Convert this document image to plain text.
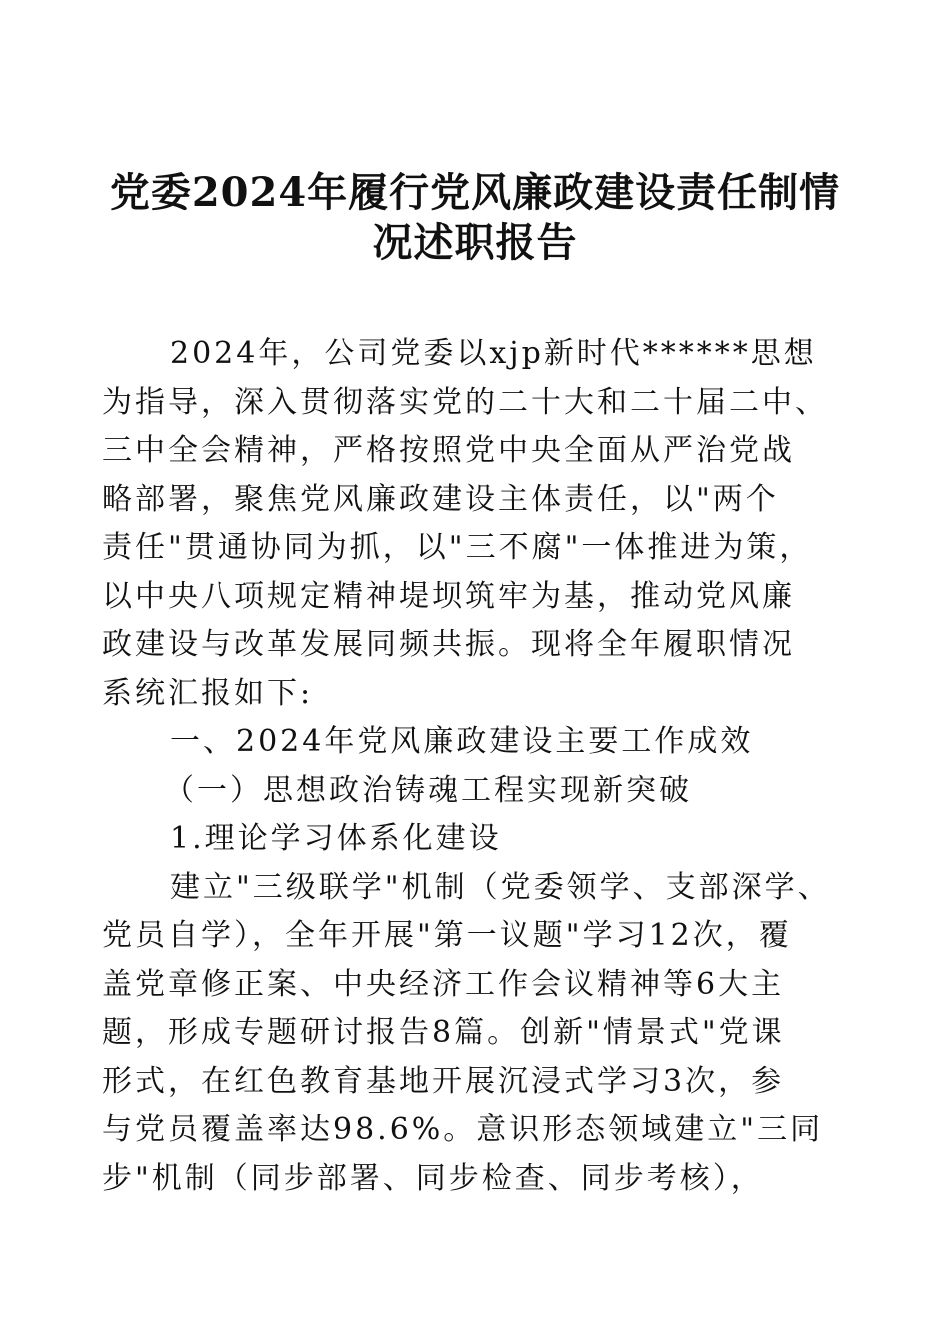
党委2024年履行党风廉政建设责任制情
况述职报告
2024年，公司党委以xjp新时代******思想
为指导，深入贯彻落实党的二十大和二十届二中、
三中全会精神，严格按照党中央全面从严治党战
略部署，聚焦党风廉政建设主体责任，以"两个
责任"贯通协同为抓，以"三不腐"一体推进为策，
以中央八项规定精神堤坝筑牢为基，推动党风廉
政建设与改革发展同频共振。现将全年履职情况
系统汇报如下:
一、2024年党风廉政建设主要工作成效
（一）思想政治铸魂工程实现新突破
1.理论学习体系化建设
建立"三级联学"机制（党委领学、支部深学、
党员自学），全年开展"第一议题"学习12次，覆
盖党章修正案、中央经济工作会议精神等6大主
题，形成专题研讨报告8篇。创新"情景式"党课
形式，在红色教育基地开展沉浸式学习3次，参
与党员覆盖率达98.6%。意识形态领域建立"三同
步"机制（同步部署、同步检查、同步考核），
